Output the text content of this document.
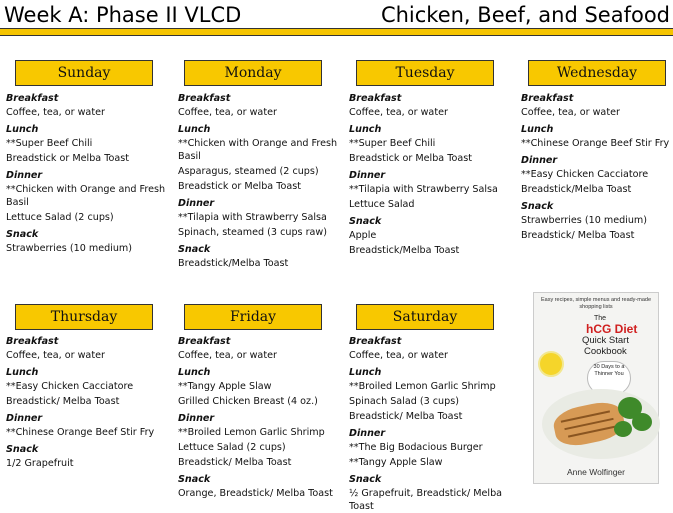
Week A: Phase II VLCD	Chicken, Beef, and Seafood
Sunday
Breakfast
Coffee, tea, or water
Lunch
**Super Beef Chili
Breadstick or Melba Toast
Dinner
**Chicken with Orange and Fresh Basil
Lettuce Salad (2 cups)
Snack
Strawberries (10 medium)
Monday
Breakfast
Coffee, tea, or water
Lunch
**Chicken with Orange and Fresh Basil
Asparagus, steamed (2 cups)
Breadstick or Melba Toast
Dinner
**Tilapia with Strawberry Salsa
Spinach, steamed (3 cups raw)
Snack
Breadstick/Melba Toast
Tuesday
Breakfast
Coffee, tea, or water
Lunch
**Super Beef Chili
Breadstick or Melba Toast
Dinner
**Tilapia with Strawberry Salsa
Lettuce Salad
Snack
Apple
Breadstick/Melba Toast
Wednesday
Breakfast
Coffee, tea, or water
Lunch
**Chinese Orange Beef Stir Fry
Dinner
**Easy Chicken Cacciatore
Breadstick/Melba Toast
Snack
Strawberries (10 medium)
Breadstick/ Melba Toast
Thursday
Breakfast
Coffee, tea, or water
Lunch
**Easy Chicken Cacciatore
Breadstick/ Melba Toast
Dinner
**Chinese Orange Beef Stir Fry
Snack
1/2 Grapefruit
Friday
Breakfast
Coffee, tea, or water
Lunch
**Tangy Apple Slaw
Grilled Chicken Breast (4 oz.)
Dinner
**Broiled Lemon Garlic Shrimp
Lettuce Salad (2 cups)
Breadstick/ Melba Toast
Snack
Orange, Breadstick/ Melba Toast
Saturday
Breakfast
Coffee, tea, or water
Lunch
**Broiled Lemon Garlic Shrimp
Spinach Salad (3 cups)
Breadstick/ Melba Toast
Dinner
**The Big Bodacious Burger
**Tangy Apple Slaw
Snack
½ Grapefruit, Breadstick/ Melba Toast
Easy recipes, simple menus and ready-made shopping lists
The
hCG Diet
Quick Start
Cookbook
30 Days to a Thinner You
Anne Wolfinger
